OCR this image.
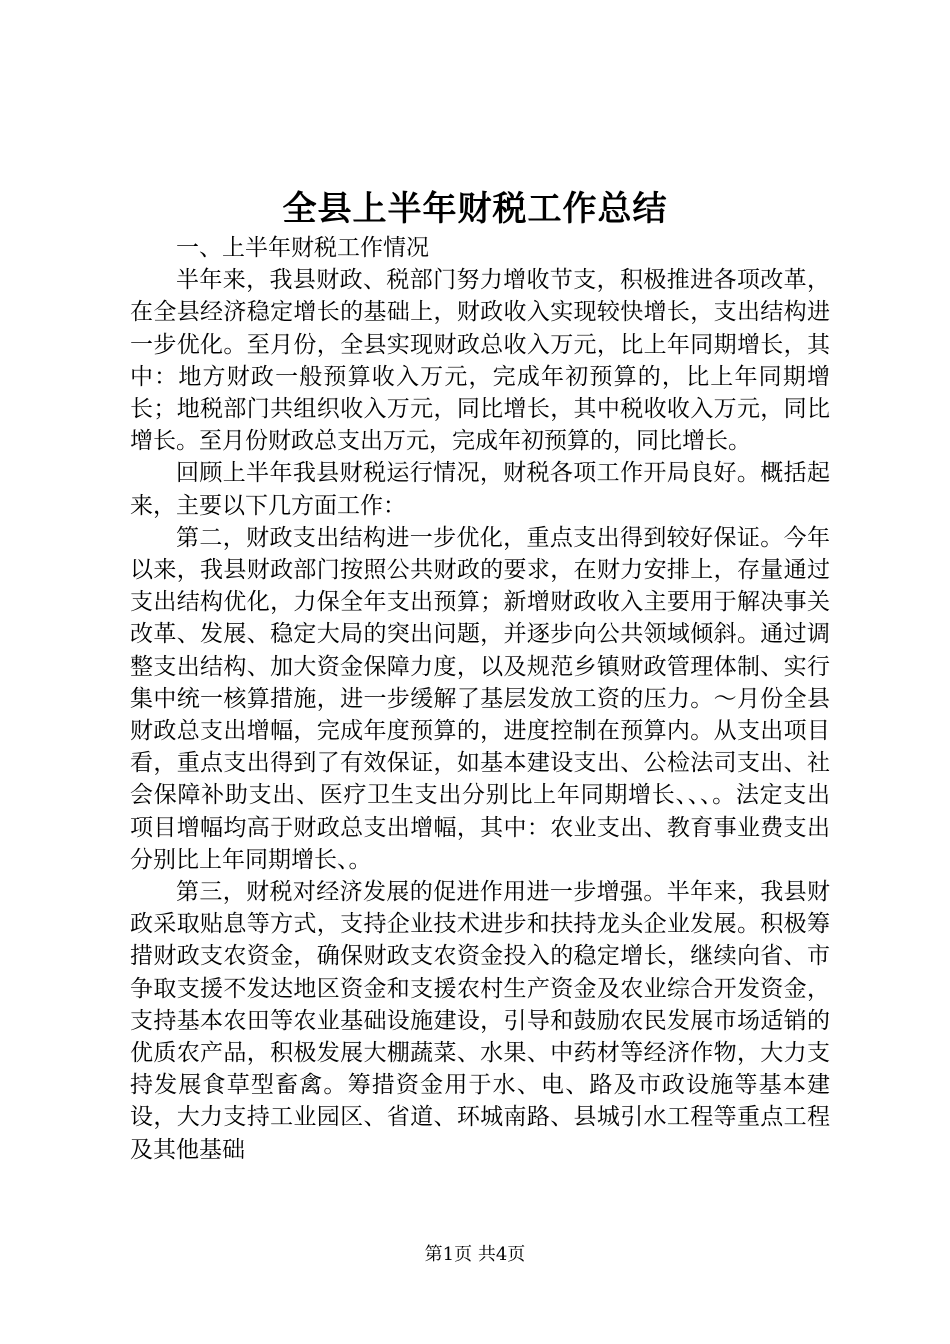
全县上半年财税工作总结

一、上半年财税工作情况

半年来，我县财政、税部门努力增收节支，积极推进各项改革，在全县经济稳定增长的基础上，财政收入实现较快增长，支出结构进一步优化。至月份，全县实现财政总收入万元，比上年同期增长，其中：地方财政一般预算收入万元，完成年初预算的，比上年同期增长；地税部门共组织收入万元，同比增长，其中税收收入万元，同比增长。至月份财政总支出万元，完成年初预算的，同比增长。

回顾上半年我县财税运行情况，财税各项工作开局良好。概括起来，主要以下几方面工作：

第二，财政支出结构进一步优化，重点支出得到较好保证。今年以来，我县财政部门按照公共财政的要求，在财力安排上，存量通过支出结构优化，力保全年支出预算；新增财政收入主要用于解决事关改革、发展、稳定大局的突出问题，并逐步向公共领域倾斜。通过调整支出结构、加大资金保障力度，以及规范乡镇财政管理体制、实行集中统一核算措施，进一步缓解了基层发放工资的压力。～月份全县财政总支出增幅，完成年度预算的，进度控制在预算内。从支出项目看，重点支出得到了有效保证，如基本建设支出、公检法司支出、社会保障补助支出、医疗卫生支出分别比上年同期增长、、、。法定支出项目增幅均高于财政总支出增幅，其中：农业支出、教育事业费支出分别比上年同期增长、。

第三，财税对经济发展的促进作用进一步增强。半年来，我县财政采取贴息等方式，支持企业技术进步和扶持龙头企业发展。积极筹措财政支农资金，确保财政支农资金投入的稳定增长，继续向省、市争取支援不发达地区资金和支援农村生产资金及农业综合开发资金，支持基本农田等农业基础设施建设，引导和鼓励农民发展市场适销的优质农产品，积极发展大棚蔬菜、水果、中药材等经济作物，大力支持发展食草型畜禽。筹措资金用于水、电、路及市政设施等基本建设，大力支持工业园区、省道、环城南路、县城引水工程等重点工程及其他基础

第1页 共4页
